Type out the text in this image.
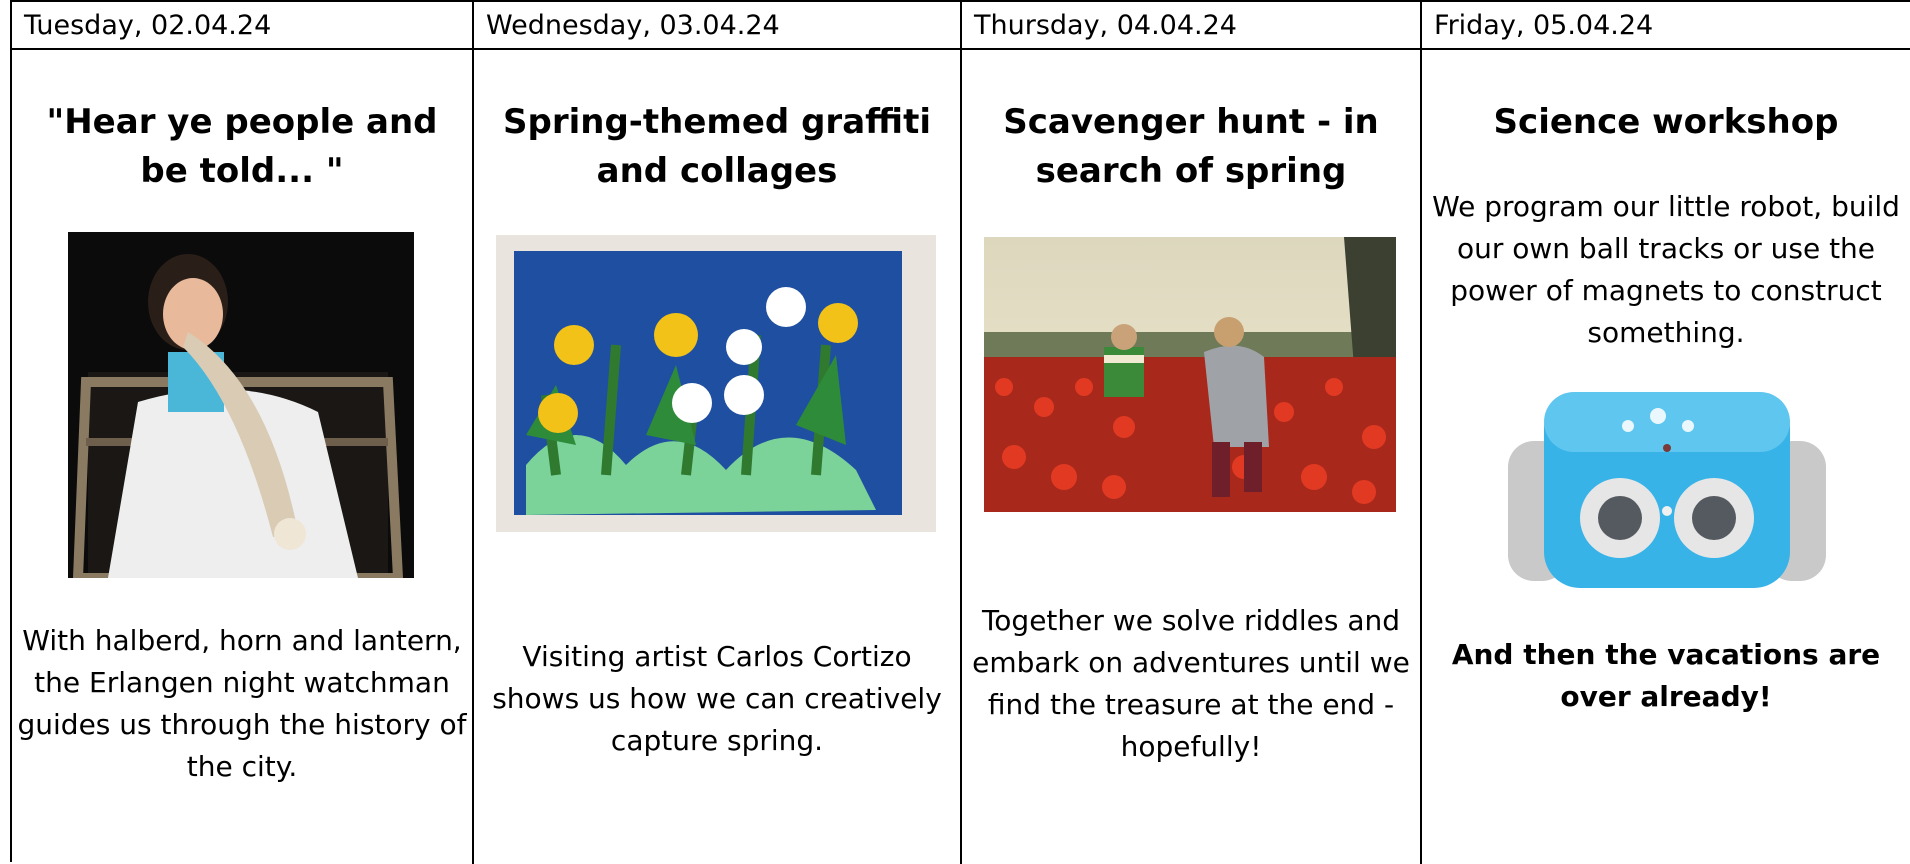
Tuesday, 02.04.24
"Hear ye people and be told... "
With halberd, horn and lantern, the Erlangen night watchman guides us through the history of the city.
Wednesday, 03.04.24
Spring-themed graffiti and collages
Visiting artist Carlos Cortizo shows us how we can creatively capture spring.
Thursday, 04.04.24
Scavenger hunt - in search of spring
Together we solve riddles and embark on adventures until we find the treasure at the end - hopefully!
Friday, 05.04.24
Science workshop
We program our little robot, build our own ball tracks or use the power of magnets to construct something.
And then the vacations are over already!
